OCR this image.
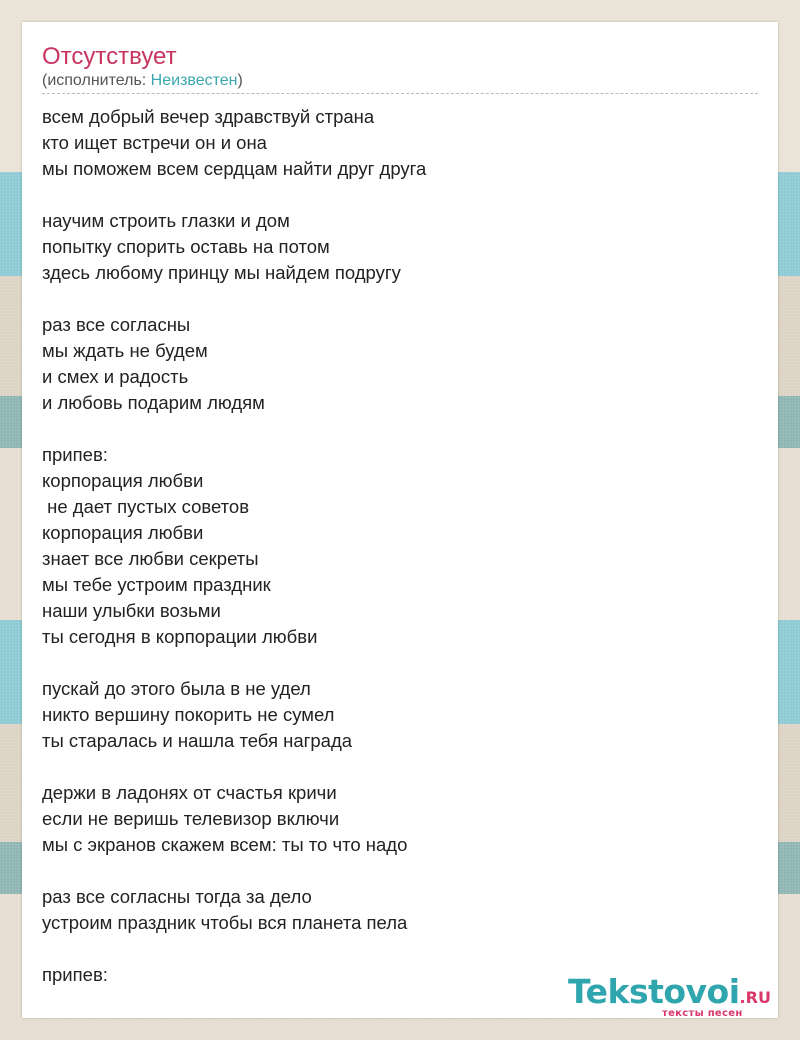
Отсутствует
(исполнитель: Неизвестен)
всем добрый вечер здравствуй страна
кто ищет встречи он и она
мы поможем всем сердцам найти друг друга
научим строить глазки и дом
попытку спорить оставь на потом
здесь любому принцу мы найдем подругу
раз все согласны
мы ждать не будем
и смех и радость
и любовь подарим людям
припев:
корпорация любви
не дает пустых советов
корпорация любви
знает все любви секреты
мы тебе устроим праздник
наши улыбки возьми
ты сегодня в корпорации любви
пускай до этого была в не удел
никто вершину покорить не сумел
ты старалась и нашла тебя награда
держи в ладонях от счастья кричи
если не веришь телевизор включи
мы с экранов скажем всем: ты то что надо
раз все согласны тогда за дело
устроим праздник чтобы вся планета пела
припев:	Tekstovoi.RU
тексты песен
